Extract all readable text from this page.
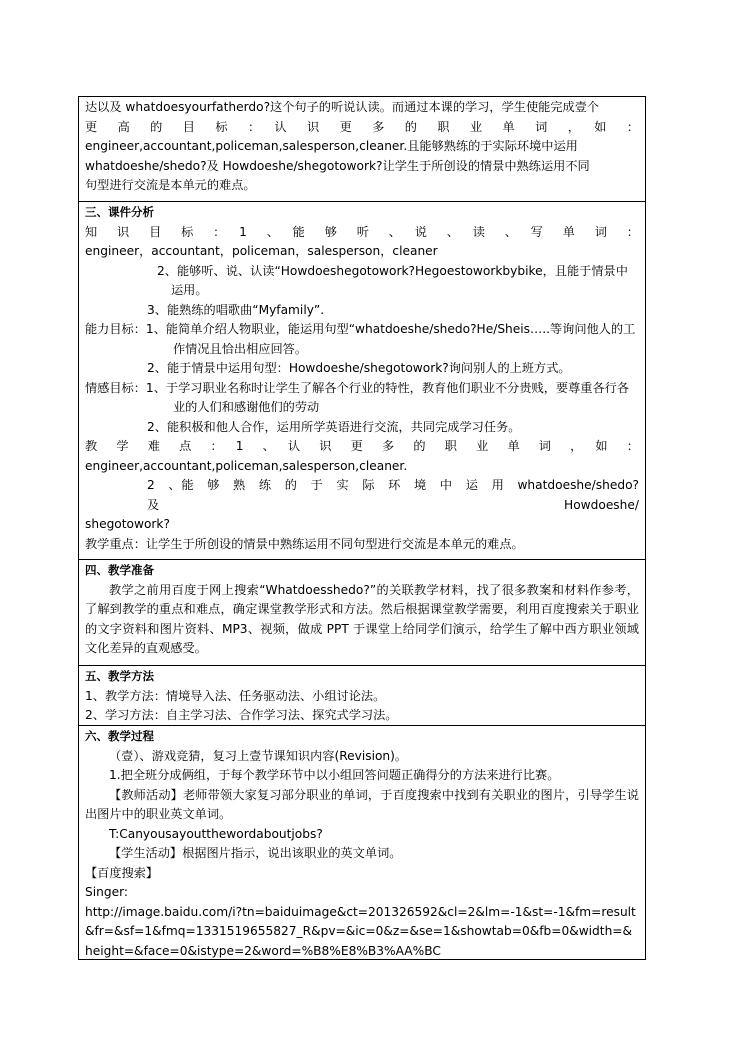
达以及 whatdoesyourfatherdo?这个句子的听说认读。而通过本课的学习，学生使能完成壹个

更　高　的　目　标　：　认　识　更　多　的　职　业　单　词　，　如　：

engineer,accountant,policeman,salesperson,cleaner.且能够熟练的于实际环境中运用

whatdoeshe/shedo?及 Howdoeshe/shegotowork?让学生于所创设的情景中熟练运用不同

句型进行交流是本单元的难点。

三、课件分析

知　识　目　标　：　1　、　能　够　听　、　说　、　读　、　写　单　词　：

engineer，accountant，policeman，salesperson，cleaner

2、能够听、说、认读“Howdoeshegotowork?Hegoestoworkbybike，且能于情景中运用。

3、能熟练的唱歌曲“Myfamily”.

能力目标：1、能简单介绍人物职业，能运用句型“whatdoeshe/shedo?He/Sheis…..等询问他人的工作情况且恰出相应回答。

2、能于情景中运用句型：Howdoeshe/shegotowork?询问别人的上班方式。

情感目标：1、于学习职业名称时让学生了解各个行业的特性，教育他们职业不分贵贱，要尊重各行各业的人们和感谢他们的劳动

2、能积极和他人合作，运用所学英语进行交流，共同完成学习任务。

教　学　难　点　：　1　、　认　识　更　多　的　职　业　单　词　，　如　：

engineer,accountant,policeman,salesperson,cleaner.

2　、能　够　熟　练　的　于　实　际　环　境　中　运　用　whatdoeshe/shedo?　及　Howdoeshe/

shegotowork?

教学重点：让学生于所创设的情景中熟练运用不同句型进行交流是本单元的难点。

四、教学准备

教学之前用百度于网上搜索“Whatdoesshedo?”的关联教学材料，找了很多教案和材料作参考，了解到教学的重点和难点，确定课堂教学形式和方法。然后根据课堂教学需要，利用百度搜索关于职业的文字资料和图片资料、MP3、视频，做成 PPT 于课堂上给同学们演示，给学生了解中西方职业领域文化差异的直观感受。

五、教学方法

1、教学方法：情境导入法、任务驱动法、小组讨论法。

2、学习方法：自主学习法、合作学习法、探究式学习法。

六、教学过程

（壹）、游戏竞猜，复习上壹节课知识内容(Revision)。

1.把全班分成俩组，于每个教学环节中以小组回答问题正确得分的方法来进行比赛。

【教师活动】老师带领大家复习部分职业的单词，于百度搜索中找到有关职业的图片，引导学生说出图片中的职业英文单词。

T:Canyousayoutthewordaboutjobs?

【学生活动】根据图片指示，说出该职业的英文单词。

【百度搜索】

Singer:

http://image.baidu.com/i?tn=baiduimage&ct=201326592&cl=2&lm=-1&st=-1&fm=result&fr=&sf=1&fmq=1331519655827_R&pv=&ic=0&z=&se=1&showtab=0&fb=0&width=&height=&face=0&istype=2&word=%B8%E8%B3%AA%BC
